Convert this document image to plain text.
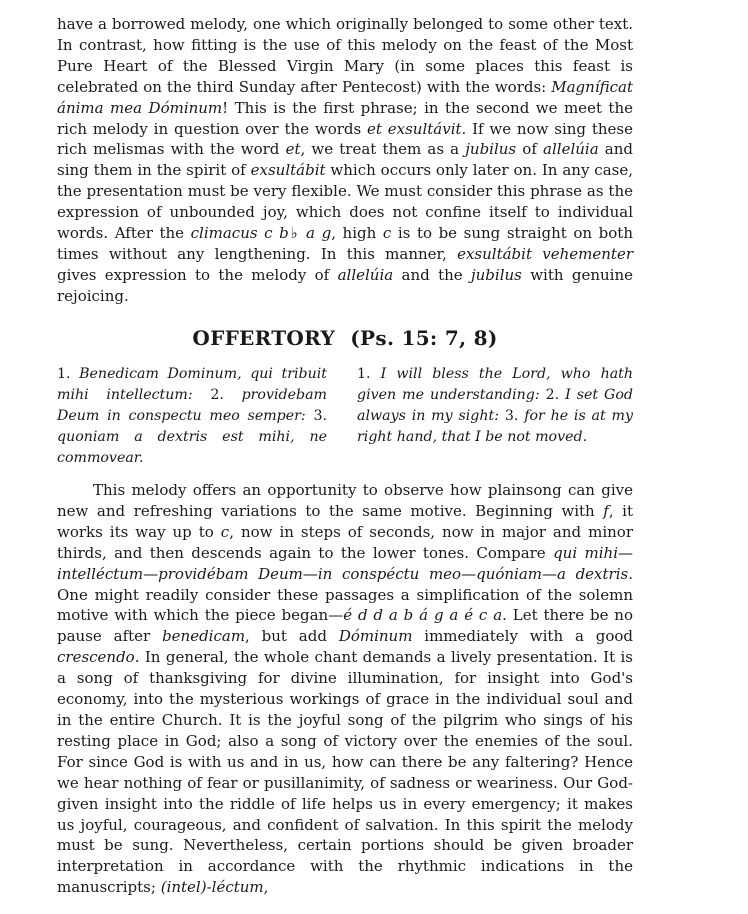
have a borrowed melody, one which originally belonged to some other text. In contrast, how fitting is the use of this melody on the feast of the Most Pure Heart of the Blessed Virgin Mary (in some places this feast is celebrated on the third Sunday after Pentecost) with the words: Magníficat ánima mea Dóminum! This is the first phrase; in the second we meet the rich melody in question over the words et exsultávit. If we now sing these rich melismas with the word et, we treat them as a jubilus of allelúia and sing them in the spirit of exsultábit which occurs only later on. In any case, the presentation must be very flexible. We must consider this phrase as the expression of unbounded joy, which does not confine itself to individual words. After the climacus c b♭ a g, high c is to be sung straight on both times without any lengthening. In this manner, exsultábit vehementer gives expression to the melody of allelúia and the jubilus with genuine rejoicing.

OFFERTORY (Ps. 15: 7, 8)
1. Benedicam Dominum, qui tribuit mihi intellectum: 2. providebam Deum in conspectu meo semper: 3. quoniam a dextris est mihi, ne commovear.
1. I will bless the Lord, who hath given me understanding: 2. I set God always in my sight: 3. for he is at my right hand, that I be not moved.

This melody offers an opportunity to observe how plainsong can give new and refreshing variations to the same motive. Beginning with f, it works its way up to c, now in steps of seconds, now in major and minor thirds, and then descends again to the lower tones. Compare qui mihi—intelléctum—providébam Deum—in conspéctu meo—quóniam—a dextris. One might readily consider these passages a simplification of the solemn motive with which the piece began—é d d a b á g a é c a. Let there be no pause after benedicam, but add Dóminum immediately with a good crescendo. In general, the whole chant demands a lively presentation. It is a song of thanksgiving for divine illumination, for insight into God's economy, into the mysterious workings of grace in the individual soul and in the entire Church. It is the joyful song of the pilgrim who sings of his resting place in God; also a song of victory over the enemies of the soul. For since God is with us and in us, how can there be any faltering? Hence we hear nothing of fear or pusillanimity, of sadness or weariness. Our God-given insight into the riddle of life helps us in every emergency; it makes us joyful, courageous, and confident of salvation. In this spirit the melody must be sung. Nevertheless, certain portions should be given broader interpretation in accordance with the rhythmic indications in the manuscripts; (intel)-léctum,
